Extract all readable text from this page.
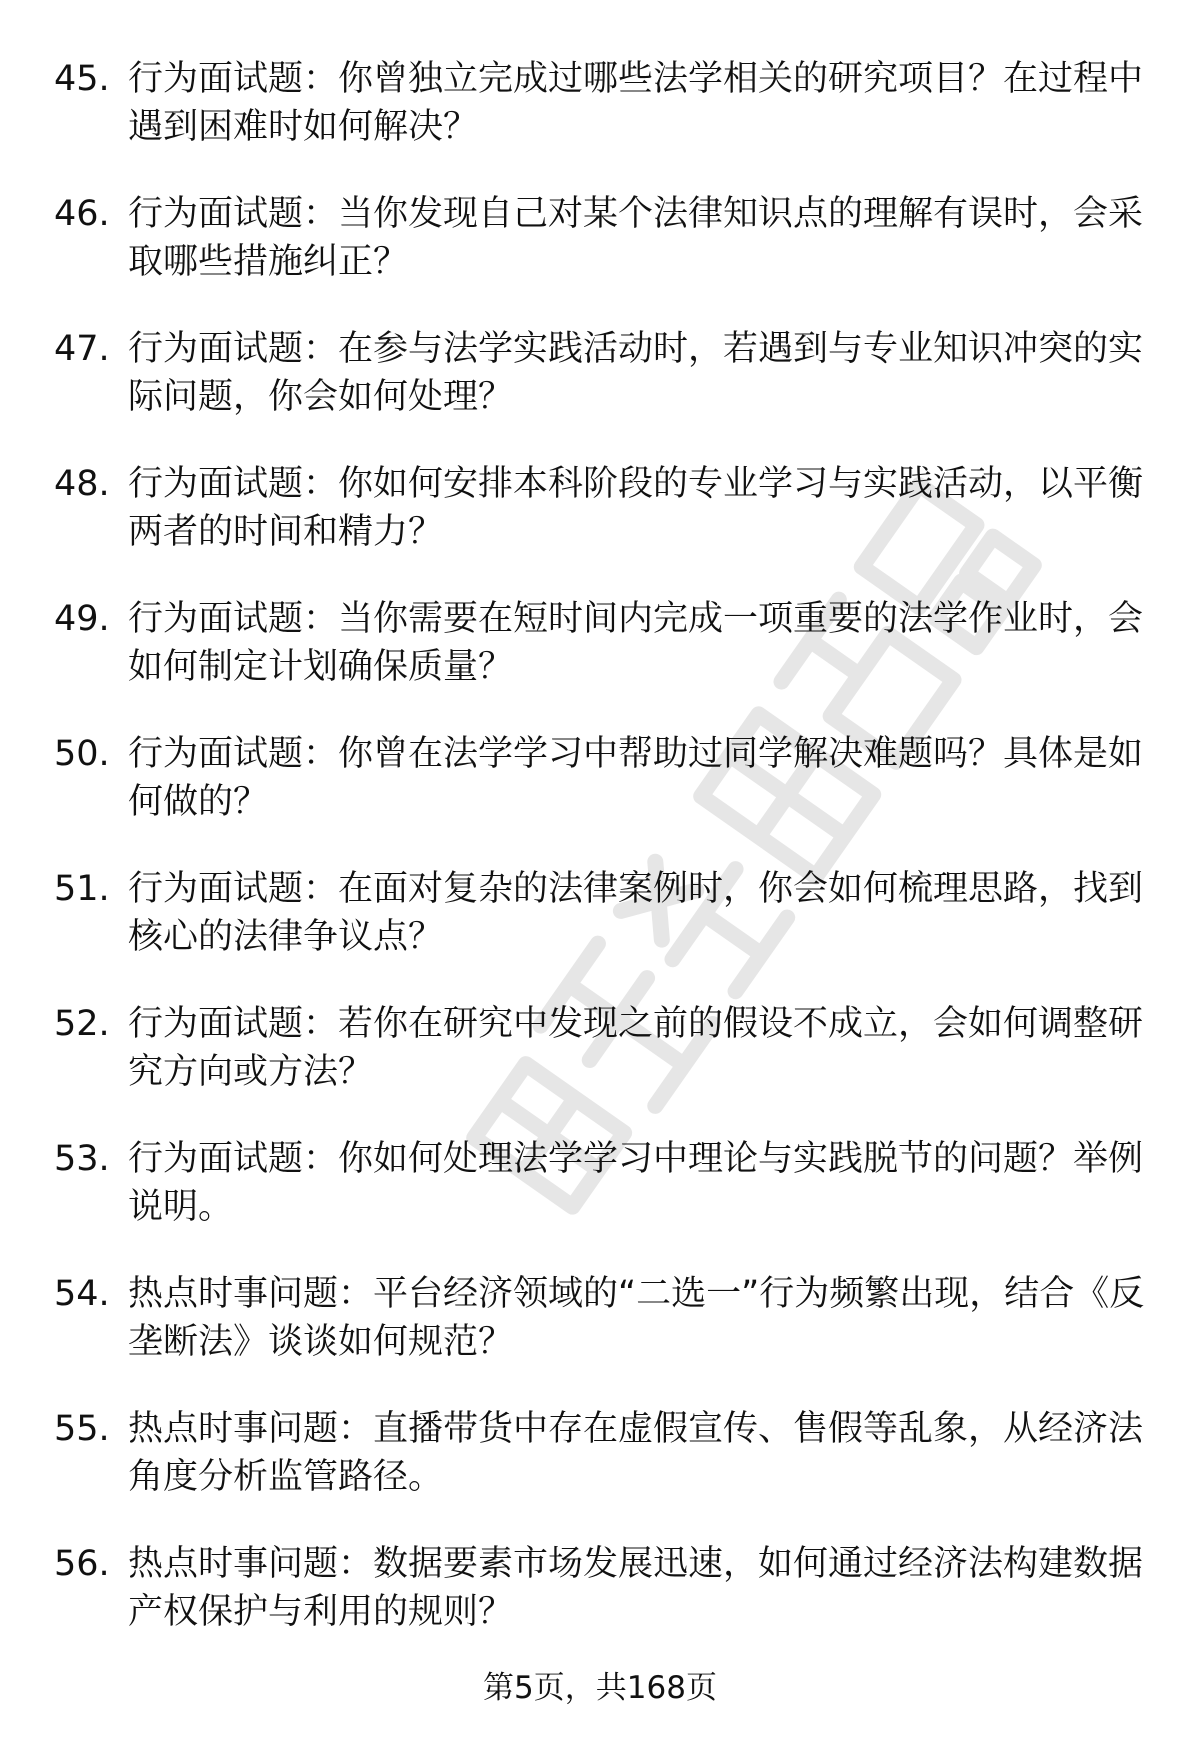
45. 行为面试题：你曾独立完成过哪些法学相关的研究项目？在过程中遇到困难时如何解决？
46. 行为面试题：当你发现自己对某个法律知识点的理解有误时，会采取哪些措施纠正？
47. 行为面试题：在参与法学实践活动时，若遇到与专业知识冲突的实际问题，你会如何处理？
48. 行为面试题：你如何安排本科阶段的专业学习与实践活动，以平衡两者的时间和精力？
49. 行为面试题：当你需要在短时间内完成一项重要的法学作业时，会如何制定计划确保质量？
50. 行为面试题：你曾在法学学习中帮助过同学解决难题吗？具体是如何做的？
51. 行为面试题：在面对复杂的法律案例时，你会如何梳理思路，找到核心的法律争议点？
52. 行为面试题：若你在研究中发现之前的假设不成立，会如何调整研究方向或方法？
53. 行为面试题：你如何处理法学学习中理论与实践脱节的问题？举例说明。
54. 热点时事问题：平台经济领域的“二选一”行为频繁出现，结合《反垄断法》谈谈如何规范？
55. 热点时事问题：直播带货中存在虚假宣传、售假等乱象，从经济法角度分析监管路径。
56. 热点时事问题：数据要素市场发展迅速，如何通过经济法构建数据产权保护与利用的规则？
第5页，共168页
